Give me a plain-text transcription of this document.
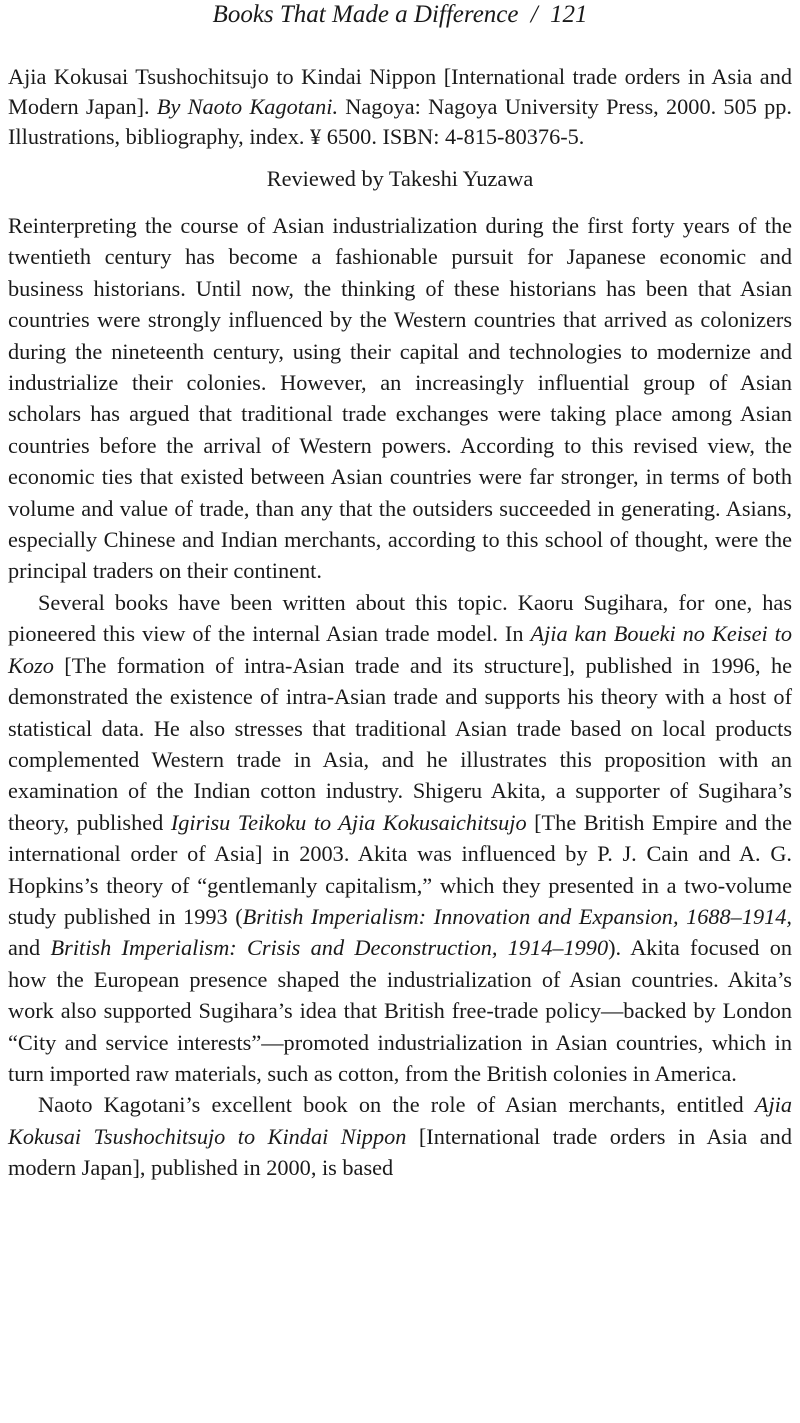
Books That Made a Difference / 121

Ajia Kokusai Tsushochitsujo to Kindai Nippon [International trade orders in Asia and Modern Japan]. By Naoto Kagotani. Nagoya: Nagoya University Press, 2000. 505 pp. Illustrations, bibliography, index. ¥ 6500. ISBN: 4-815-80376-5.

Reviewed by Takeshi Yuzawa

Reinterpreting the course of Asian industrialization during the first forty years of the twentieth century has become a fashionable pursuit for Japanese economic and business historians. Until now, the thinking of these historians has been that Asian countries were strongly influenced by the Western countries that arrived as colonizers during the nineteenth century, using their capital and technologies to modernize and industrialize their colonies. However, an increasingly influential group of Asian scholars has argued that traditional trade exchanges were taking place among Asian countries before the arrival of Western powers. According to this revised view, the economic ties that existed between Asian countries were far stronger, in terms of both volume and value of trade, than any that the outsiders succeeded in generating. Asians, especially Chinese and Indian merchants, according to this school of thought, were the principal traders on their continent.

Several books have been written about this topic. Kaoru Sugihara, for one, has pioneered this view of the internal Asian trade model. In Ajia kan Boueki no Keisei to Kozo [The formation of intra-Asian trade and its structure], published in 1996, he demonstrated the existence of intra-Asian trade and supports his theory with a host of statistical data. He also stresses that traditional Asian trade based on local products complemented Western trade in Asia, and he illustrates this proposition with an examination of the Indian cotton industry. Shigeru Akita, a supporter of Sugihara’s theory, published Igirisu Teikoku to Ajia Kokusaichitsujo [The British Empire and the international order of Asia] in 2003. Akita was influenced by P. J. Cain and A. G. Hopkins’s theory of “gentlemanly capitalism,” which they presented in a two-volume study published in 1993 (British Imperialism: Innovation and Expansion, 1688–1914, and British Imperialism: Crisis and Deconstruction, 1914–1990). Akita focused on how the European presence shaped the industrialization of Asian countries. Akita’s work also supported Sugihara’s idea that British free-trade policy—backed by London “City and service interests”—promoted industrialization in Asian countries, which in turn imported raw materials, such as cotton, from the British colonies in America.

Naoto Kagotani’s excellent book on the role of Asian merchants, entitled Ajia Kokusai Tsushochitsujo to Kindai Nippon [International trade orders in Asia and modern Japan], published in 2000, is based
